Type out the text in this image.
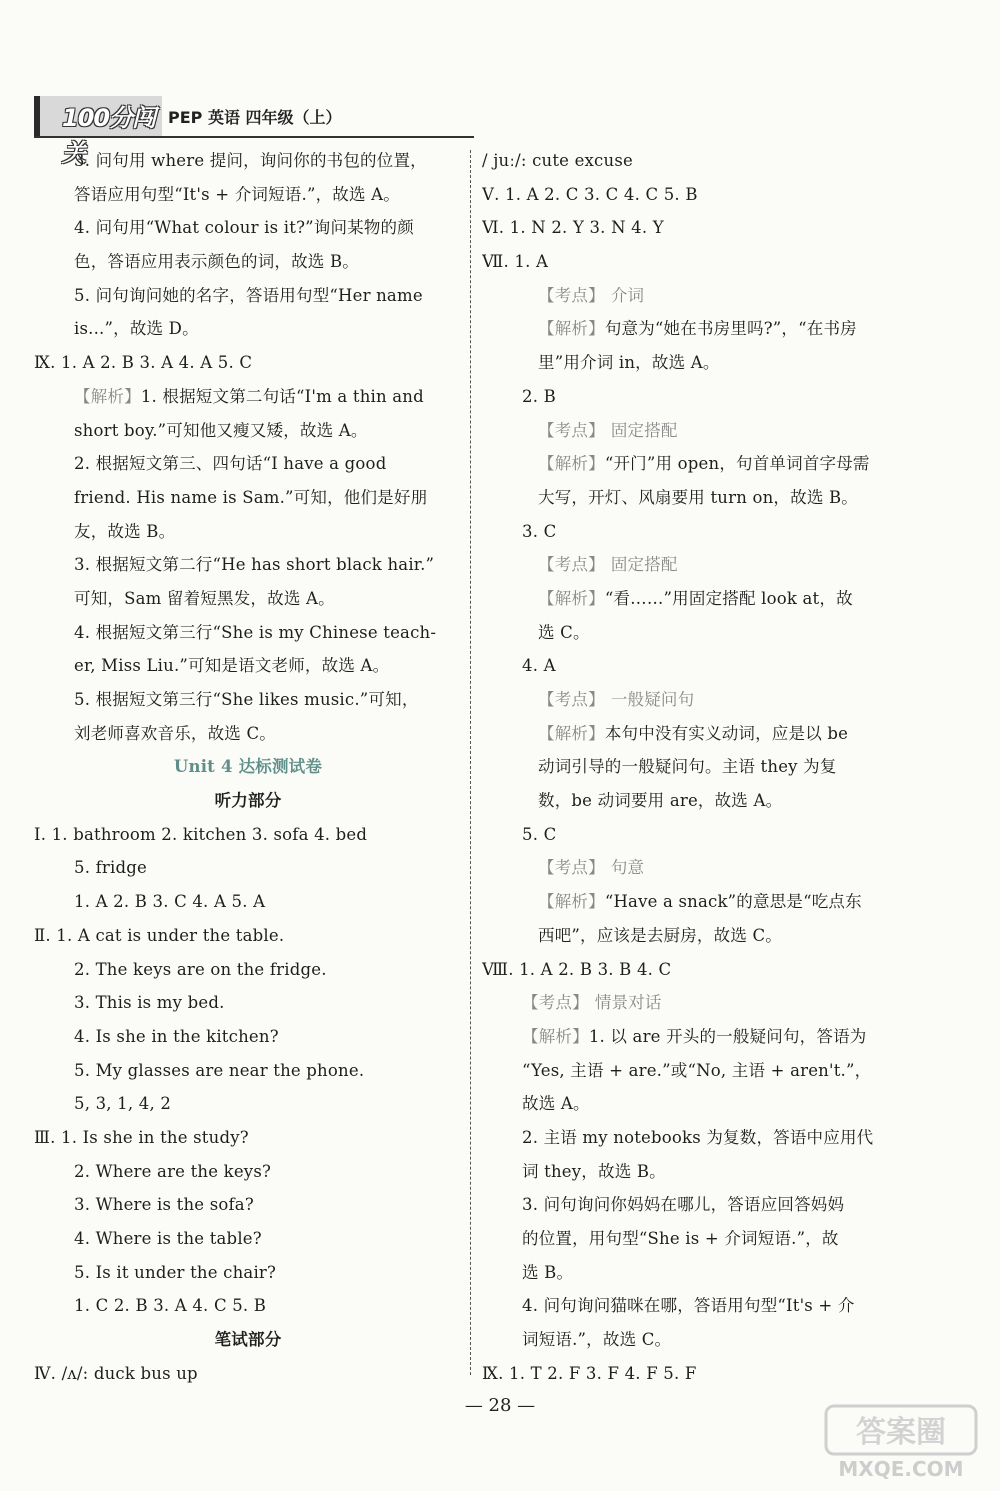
100分闯关
PEP 英语 四年级（上）
3. 问句用 where 提问，询问你的书包的位置，
答语应用句型“It's + 介词短语.”，故选 A。
4. 问句用“What colour is it?”询问某物的颜
色，答语应用表示颜色的词，故选 B。
5. 问句询问她的名字，答语用句型“Her name
is...”，故选 D。
Ⅸ. 1. A 2. B 3. A 4. A 5. C
【解析】1. 根据短文第二句话“I'm a thin and
short boy.”可知他又瘦又矮，故选 A。
2. 根据短文第三、四句话“I have a good
friend. His name is Sam.”可知，他们是好朋
友，故选 B。
3. 根据短文第二行“He has short black hair.”
可知，Sam 留着短黑发，故选 A。
4. 根据短文第三行“She is my Chinese teach-
er, Miss Liu.”可知是语文老师，故选 A。
5. 根据短文第三行“She likes music.”可知，
刘老师喜欢音乐，故选 C。
Unit 4 达标测试卷
听力部分
Ⅰ. 1. bathroom 2. kitchen 3. sofa 4. bed
5. fridge
1. A 2. B 3. C 4. A 5. A
Ⅱ. 1. A cat is under the table.
2. The keys are on the fridge.
3. This is my bed.
4. Is she in the kitchen?
5. My glasses are near the phone.
5, 3, 1, 4, 2
Ⅲ. 1. Is she in the study?
2. Where are the keys?
3. Where is the sofa?
4. Where is the table?
5. Is it under the chair?
1. C 2. B 3. A 4. C 5. B
笔试部分
Ⅳ. /ʌ/: duck bus up
/ juː/: cute excuse
Ⅴ. 1. A 2. C 3. C 4. C 5. B
Ⅵ. 1. N 2. Y 3. N 4. Y
Ⅶ. 1. A
【考点】 介词
【解析】句意为“她在书房里吗?”，“在书房
里”用介词 in，故选 A。
2. B
【考点】 固定搭配
【解析】“开门”用 open，句首单词首字母需
大写，开灯、风扇要用 turn on，故选 B。
3. C
【考点】 固定搭配
【解析】“看……”用固定搭配 look at，故
选 C。
4. A
【考点】 一般疑问句
【解析】本句中没有实义动词，应是以 be
动词引导的一般疑问句。主语 they 为复
数，be 动词要用 are，故选 A。
5. C
【考点】 句意
【解析】“Have a snack”的意思是“吃点东
西吧”，应该是去厨房，故选 C。
Ⅷ. 1. A 2. B 3. B 4. C
【考点】 情景对话
【解析】1. 以 are 开头的一般疑问句，答语为
“Yes, 主语 + are.”或“No, 主语 + aren't.”，
故选 A。
2. 主语 my notebooks 为复数，答语中应用代
词 they，故选 B。
3. 问句询问你妈妈在哪儿，答语应回答妈妈
的位置，用句型“She is + 介词短语.”，故
选 B。
4. 问句询问猫咪在哪，答语用句型“It's + 介
词短语.”，故选 C。
Ⅸ. 1. T 2. F 3. F 4. F 5. F
— 28 —
答案圈
MXQE.COM
